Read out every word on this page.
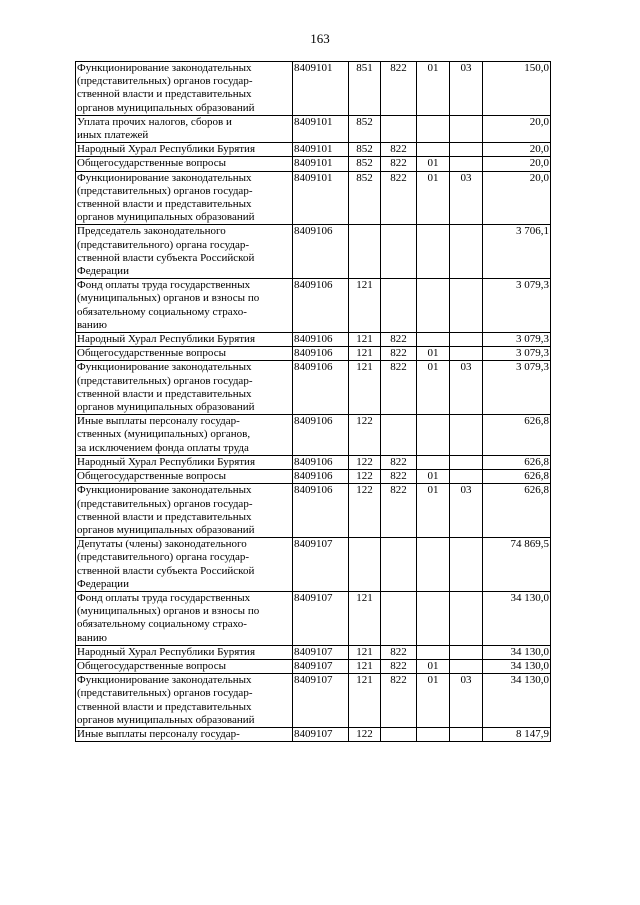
163
Функционирование законодательных
(представительных) органов государ-
ственной власти и представительных
органов муниципальных образований	8409101	851	822	01	03	150,0
Уплата прочих налогов, сборов и
иных платежей	8409101	852				20,0
Народный Хурал Республики Бурятия	8409101	852	822			20,0
Общегосударственные вопросы	8409101	852	822	01		20,0
Функционирование законодательных
(представительных) органов государ-
ственной власти и представительных
органов муниципальных образований	8409101	852	822	01	03	20,0
Председатель законодательного
(представительного) органа государ-
ственной власти субъекта Российской
Федерации	8409106					3 706,1
Фонд оплаты труда государственных
(муниципальных) органов и взносы по
обязательному социальному страхо-
ванию	8409106	121				3 079,3
Народный Хурал Республики Бурятия	8409106	121	822			3 079,3
Общегосударственные вопросы	8409106	121	822	01		3 079,3
Функционирование законодательных
(представительных) органов государ-
ственной власти и представительных
органов муниципальных образований	8409106	121	822	01	03	3 079,3
Иные выплаты персоналу государ-
ственных (муниципальных) органов,
за исключением фонда оплаты труда	8409106	122				626,8
Народный Хурал Республики Бурятия	8409106	122	822			626,8
Общегосударственные вопросы	8409106	122	822	01		626,8
Функционирование законодательных
(представительных) органов государ-
ственной власти и представительных
органов муниципальных образований	8409106	122	822	01	03	626,8
Депутаты (члены) законодательного
(представительного) органа государ-
ственной власти субъекта Российской
Федерации	8409107					74 869,5
Фонд оплаты труда государственных
(муниципальных) органов и взносы по
обязательному социальному страхо-
ванию	8409107	121				34 130,0
Народный Хурал Республики Бурятия	8409107	121	822			34 130,0
Общегосударственные вопросы	8409107	121	822	01		34 130,0
Функционирование законодательных
(представительных) органов государ-
ственной власти и представительных
органов муниципальных образований	8409107	121	822	01	03	34 130,0
Иные выплаты персоналу государ-	8409107	122				8 147,9
